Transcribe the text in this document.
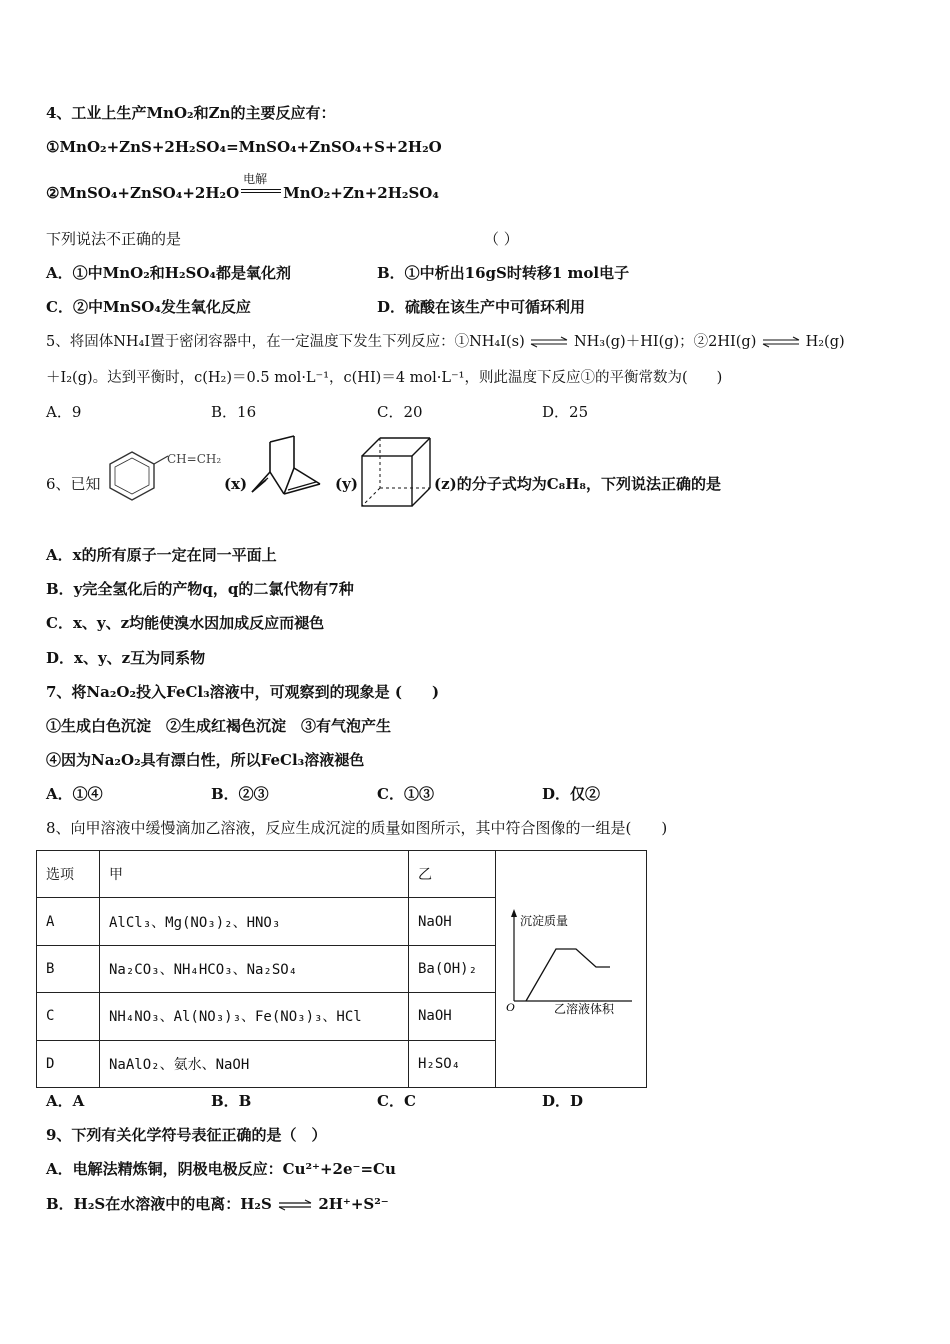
4、工业上生产MnO₂和Zn的主要反应有：
①MnO₂+ZnS+2H₂SO₄=MnSO₄+ZnSO₄+S+2H₂O
②MnSO₄+ZnSO₄+2H₂O
电解
MnO₂+Zn+2H₂SO₄
下列说法不正确的是	（ ）
A．①中MnO₂和H₂SO₄都是氧化剂	B．①中析出16gS时转移1 mol电子
C．②中MnSO₄发生氧化反应	D．硫酸在该生产中可循环利用
5、将固体NH₄I置于密闭容器中，在一定温度下发生下列反应：①NH₄I(s) ⇌ NH₃(g)＋HI(g)；②2HI(g) ⇌ H₂(g)
＋I₂(g)。达到平衡时，c(H₂)＝0.5 mol·L⁻¹，c(HI)＝4 mol·L⁻¹，则此温度下反应①的平衡常数为(　　)
A．9	B．16	C．20	D．25
6、已知
CH=CH₂
(x)	(y)	(z)的分子式均为C₈H₈，下列说法正确的是
A．x的所有原子一定在同一平面上
B．y完全氢化后的产物q，q的二氯代物有7种
C．x、y、z均能使溴水因加成反应而褪色
D．x、y、z互为同系物
7、将Na₂O₂投入FeCl₃溶液中，可观察到的现象是 (　　)
①生成白色沉淀　②生成红褐色沉淀　③有气泡产生
④因为Na₂O₂具有漂白性，所以FeCl₃溶液褪色
A．①④	B．②③	C．①③	D．仅②
8、向甲溶液中缓慢滴加乙溶液，反应生成沉淀的质量如图所示，其中符合图像的一组是(　　)
选项	甲	乙	沉淀质量
O 乙溶液体积

A	AlCl₃、Mg(NO₃)₂、HNO₃	NaOH	
B	Na₂CO₃、NH₄HCO₃、Na₂SO₄	Ba(OH)₂	
C	NH₄NO₃、Al(NO₃)₃、Fe(NO₃)₃、HCl	NaOH	
D	NaAlO₂、氨水、NaOH	H₂SO₄	
A．A	B．B	C．C	D．D
9、下列有关化学符号表征正确的是（　）
A．电解法精炼铜，阴极电极反应：Cu²⁺+2e⁻=Cu
B．H₂S在水溶液中的电离：H₂S ⇌ 2H⁺+S²⁻
